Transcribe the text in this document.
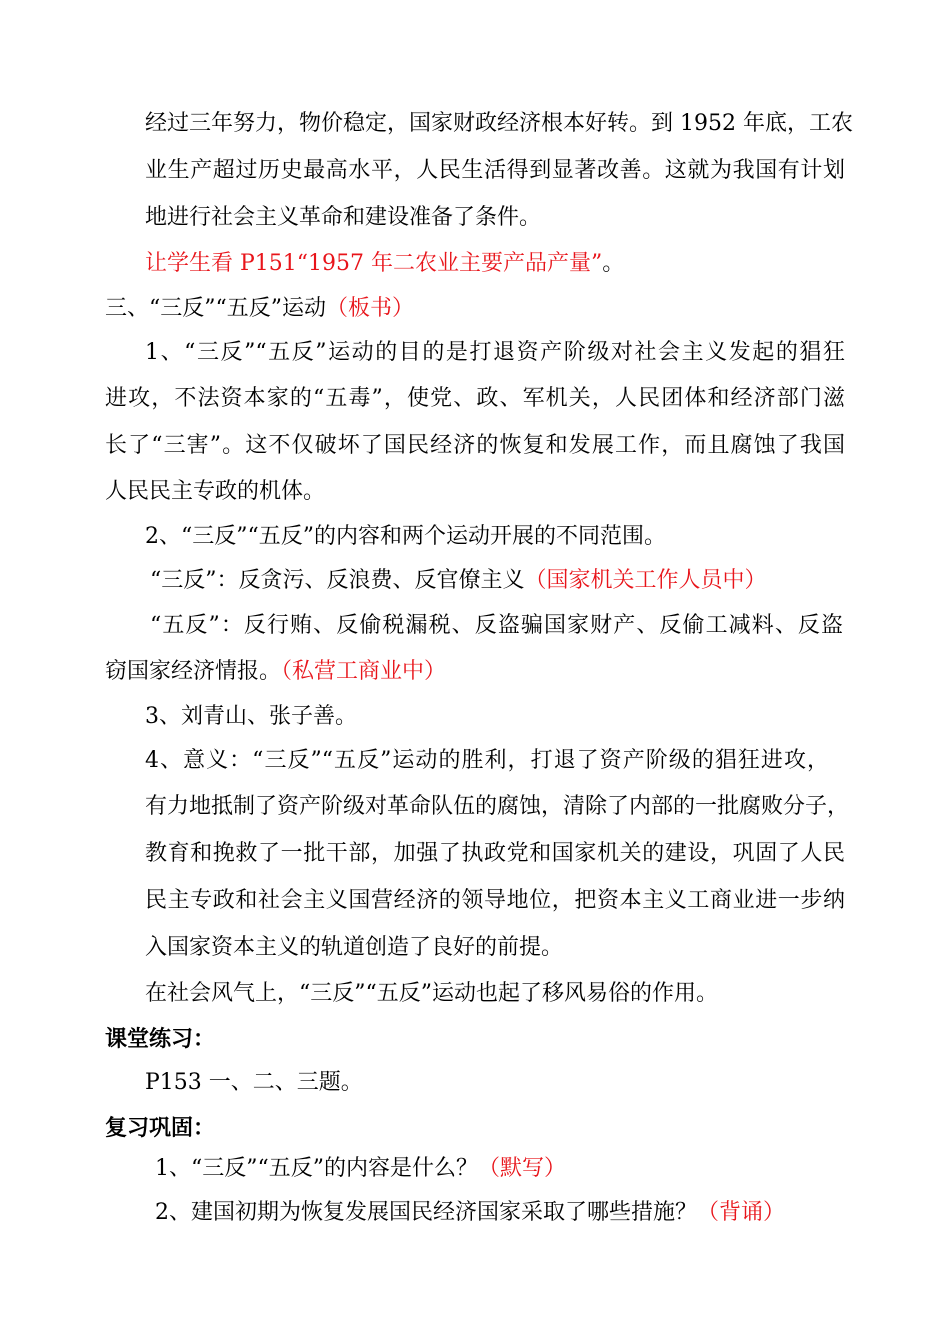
经过三年努力，物价稳定，国家财政经济根本好转。到 1952 年底，工农
业生产超过历史最高水平，人民生活得到显著改善。这就为我国有计划
地进行社会主义革命和建设准备了条件。
让学生看 P151“1957 年二农业主要产品产量”。
三、“三反”“五反”运动（板书）
1、“三反”“五反”运动的目的是打退资产阶级对社会主义发起的猖狂
进攻，不法资本家的“五毒”，使党、政、军机关，人民团体和经济部门滋
长了“三害”。这不仅破坏了国民经济的恢复和发展工作，而且腐蚀了我国
人民民主专政的机体。
2、“三反”“五反”的内容和两个运动开展的不同范围。
“三反”：反贪污、反浪费、反官僚主义（国家机关工作人员中）
“五反”：反行贿、反偷税漏税、反盗骗国家财产、反偷工减料、反盗
窃国家经济情报。（私营工商业中）
3、刘青山、张子善。
4、意义：“三反”“五反”运动的胜利，打退了资产阶级的猖狂进攻，
有力地抵制了资产阶级对革命队伍的腐蚀，清除了内部的一批腐败分子，
教育和挽救了一批干部，加强了执政党和国家机关的建设，巩固了人民
民主专政和社会主义国营经济的领导地位，把资本主义工商业进一步纳
入国家资本主义的轨道创造了良好的前提。
在社会风气上，“三反”“五反”运动也起了移风易俗的作用。
课堂练习：
P153 一、二、三题。
复习巩固：
1、“三反”“五反”的内容是什么？（默写）
2、建国初期为恢复发展国民经济国家采取了哪些措施？（背诵）
